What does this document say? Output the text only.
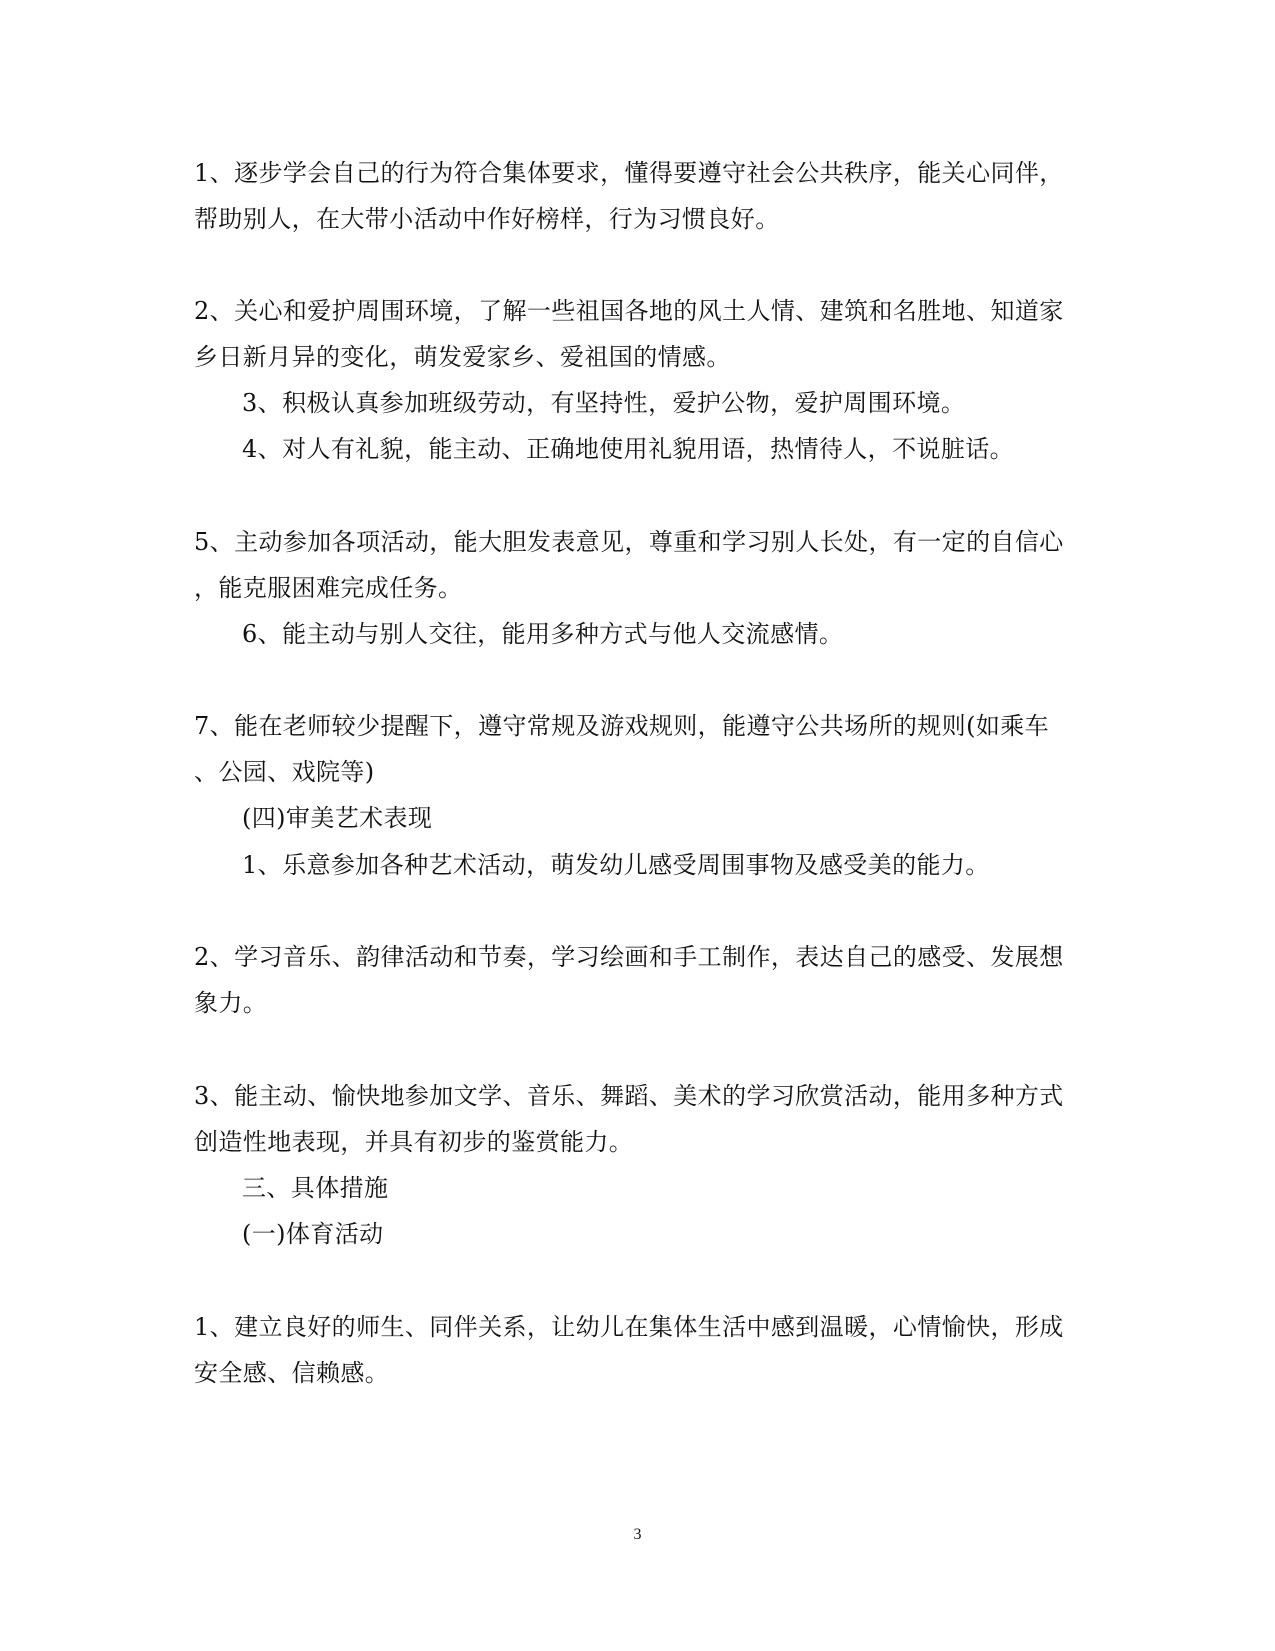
1、逐步学会自己的行为符合集体要求，懂得要遵守社会公共秩序，能关心同伴，
帮助别人，在大带小活动中作好榜样，行为习惯良好。
2、关心和爱护周围环境，了解一些祖国各地的风土人情、建筑和名胜地、知道家
乡日新月异的变化，萌发爱家乡、爱祖国的情感。
3、积极认真参加班级劳动，有坚持性，爱护公物，爱护周围环境。
4、对人有礼貌，能主动、正确地使用礼貌用语，热情待人，不说脏话。
5、主动参加各项活动，能大胆发表意见，尊重和学习别人长处，有一定的自信心
，能克服困难完成任务。
6、能主动与别人交往，能用多种方式与他人交流感情。
7、能在老师较少提醒下，遵守常规及游戏规则，能遵守公共场所的规则(如乘车
、公园、戏院等)
(四)审美艺术表现
1、乐意参加各种艺术活动，萌发幼儿感受周围事物及感受美的能力。
2、学习音乐、韵律活动和节奏，学习绘画和手工制作，表达自己的感受、发展想
象力。
3、能主动、愉快地参加文学、音乐、舞蹈、美术的学习欣赏活动，能用多种方式
创造性地表现，并具有初步的鉴赏能力。
三、具体措施
(一)体育活动
1、建立良好的师生、同伴关系，让幼儿在集体生活中感到温暖，心情愉快，形成
安全感、信赖感。
3
